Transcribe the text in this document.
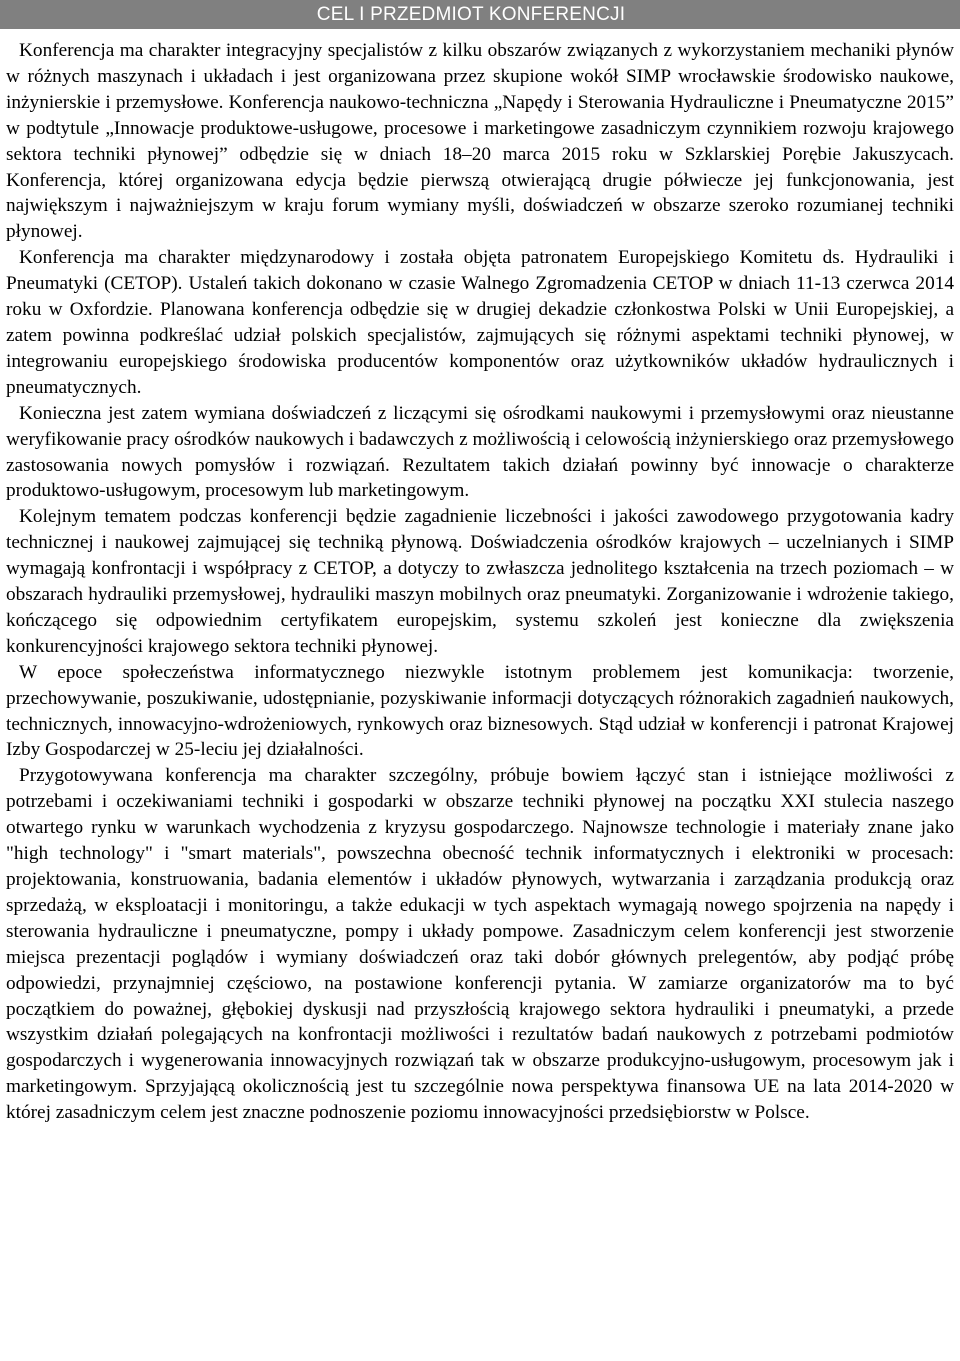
CEL I PRZEDMIOT KONFERENCJI

Konferencja ma charakter integracyjny specjalistów z kilku obszarów związanych z wykorzystaniem mechaniki płynów w różnych maszynach i układach i jest organizowana przez skupione wokół SIMP wrocławskie środowisko naukowe, inżynierskie i przemysłowe. Konferencja naukowo-techniczna „Napędy i Sterowania Hydrauliczne i Pneumatyczne 2015” w podtytule „Innowacje produktowe-usługowe, procesowe i marketingowe zasadniczym czynnikiem rozwoju krajowego sektora techniki płynowej” odbędzie się w dniach 18–20 marca 2015 roku w Szklarskiej Porębie Jakuszycach. Konferencja, której organizowana edycja będzie pierwszą otwierającą drugie półwiecze jej funkcjonowania, jest największym i najważniejszym w kraju forum wymiany myśli, doświadczeń w obszarze szeroko rozumianej techniki płynowej.

Konferencja ma charakter międzynarodowy i została objęta patronatem Europejskiego Komitetu ds. Hydrauliki i Pneumatyki (CETOP). Ustaleń takich dokonano w czasie Walnego Zgromadzenia CETOP w dniach 11-13 czerwca 2014 roku w Oxfordzie. Planowana konferencja odbędzie się w drugiej dekadzie członkostwa Polski w Unii Europejskiej, a zatem powinna podkreślać udział polskich specjalistów, zajmujących się różnymi aspektami techniki płynowej, w integrowaniu europejskiego środowiska producentów komponentów oraz użytkowników układów hydraulicznych i pneumatycznych.

Konieczna jest zatem wymiana doświadczeń z liczącymi się ośrodkami naukowymi i przemysłowymi oraz nieustanne weryfikowanie pracy ośrodków naukowych i badawczych z możliwością i celowością inżynierskiego oraz przemysłowego zastosowania nowych pomysłów i rozwiązań. Rezultatem takich działań powinny być innowacje o charakterze produktowo-usługowym, procesowym lub marketingowym.

Kolejnym tematem podczas konferencji będzie zagadnienie liczebności i jakości zawodowego przygotowania kadry technicznej i naukowej zajmującej się techniką płynową. Doświadczenia ośrodków krajowych – uczelnianych i SIMP wymagają konfrontacji i współpracy z CETOP, a dotyczy to zwłaszcza jednolitego kształcenia na trzech poziomach – w obszarach hydrauliki przemysłowej, hydrauliki maszyn mobilnych oraz pneumatyki. Zorganizowanie i wdrożenie takiego, kończącego się odpowiednim certyfikatem europejskim, systemu szkoleń jest konieczne dla zwiększenia konkurencyjności krajowego sektora techniki płynowej.

W epoce społeczeństwa informatycznego niezwykle istotnym problemem jest komunikacja: tworzenie, przechowywanie, poszukiwanie, udostępnianie, pozyskiwanie informacji dotyczących różnorakich zagadnień naukowych, technicznych, innowacyjno-wdrożeniowych, rynkowych oraz biznesowych. Stąd udział w konferencji i patronat Krajowej Izby Gospodarczej w 25-leciu jej działalności.

Przygotowywana konferencja ma charakter szczególny, próbuje bowiem łączyć stan i istniejące możliwości z potrzebami i oczekiwaniami techniki i gospodarki w obszarze techniki płynowej na początku XXI stulecia naszego otwartego rynku w warunkach wychodzenia z kryzysu gospodarczego. Najnowsze technologie i materiały znane jako "high technology" i "smart materials", powszechna obecność technik informatycznych i elektroniki w procesach: projektowania, konstruowania, badania elementów i układów płynowych, wytwarzania i zarządzania produkcją oraz sprzedażą, w eksploatacji i monitoringu, a także edukacji w tych aspektach wymagają nowego spojrzenia na napędy i sterowania hydrauliczne i pneumatyczne, pompy i układy pompowe. Zasadniczym celem konferencji jest stworzenie miejsca prezentacji poglądów i wymiany doświadczeń oraz taki dobór głównych prelegentów, aby podjąć próbę odpowiedzi, przynajmniej częściowo, na postawione konferencji pytania. W zamiarze organizatorów ma to być początkiem do poważnej, głębokiej dyskusji nad przyszłością krajowego sektora hydrauliki i pneumatyki, a przede wszystkim działań polegających na konfrontacji możliwości i rezultatów badań naukowych z potrzebami podmiotów gospodarczych i wygenerowania innowacyjnych rozwiązań tak w obszarze produkcyjno-usługowym, procesowym jak i marketingowym. Sprzyjającą okolicznością jest tu szczególnie nowa perspektywa finansowa UE na lata 2014-2020 w której zasadniczym celem jest znaczne podnoszenie poziomu innowacyjności przedsiębiorstw w Polsce.
